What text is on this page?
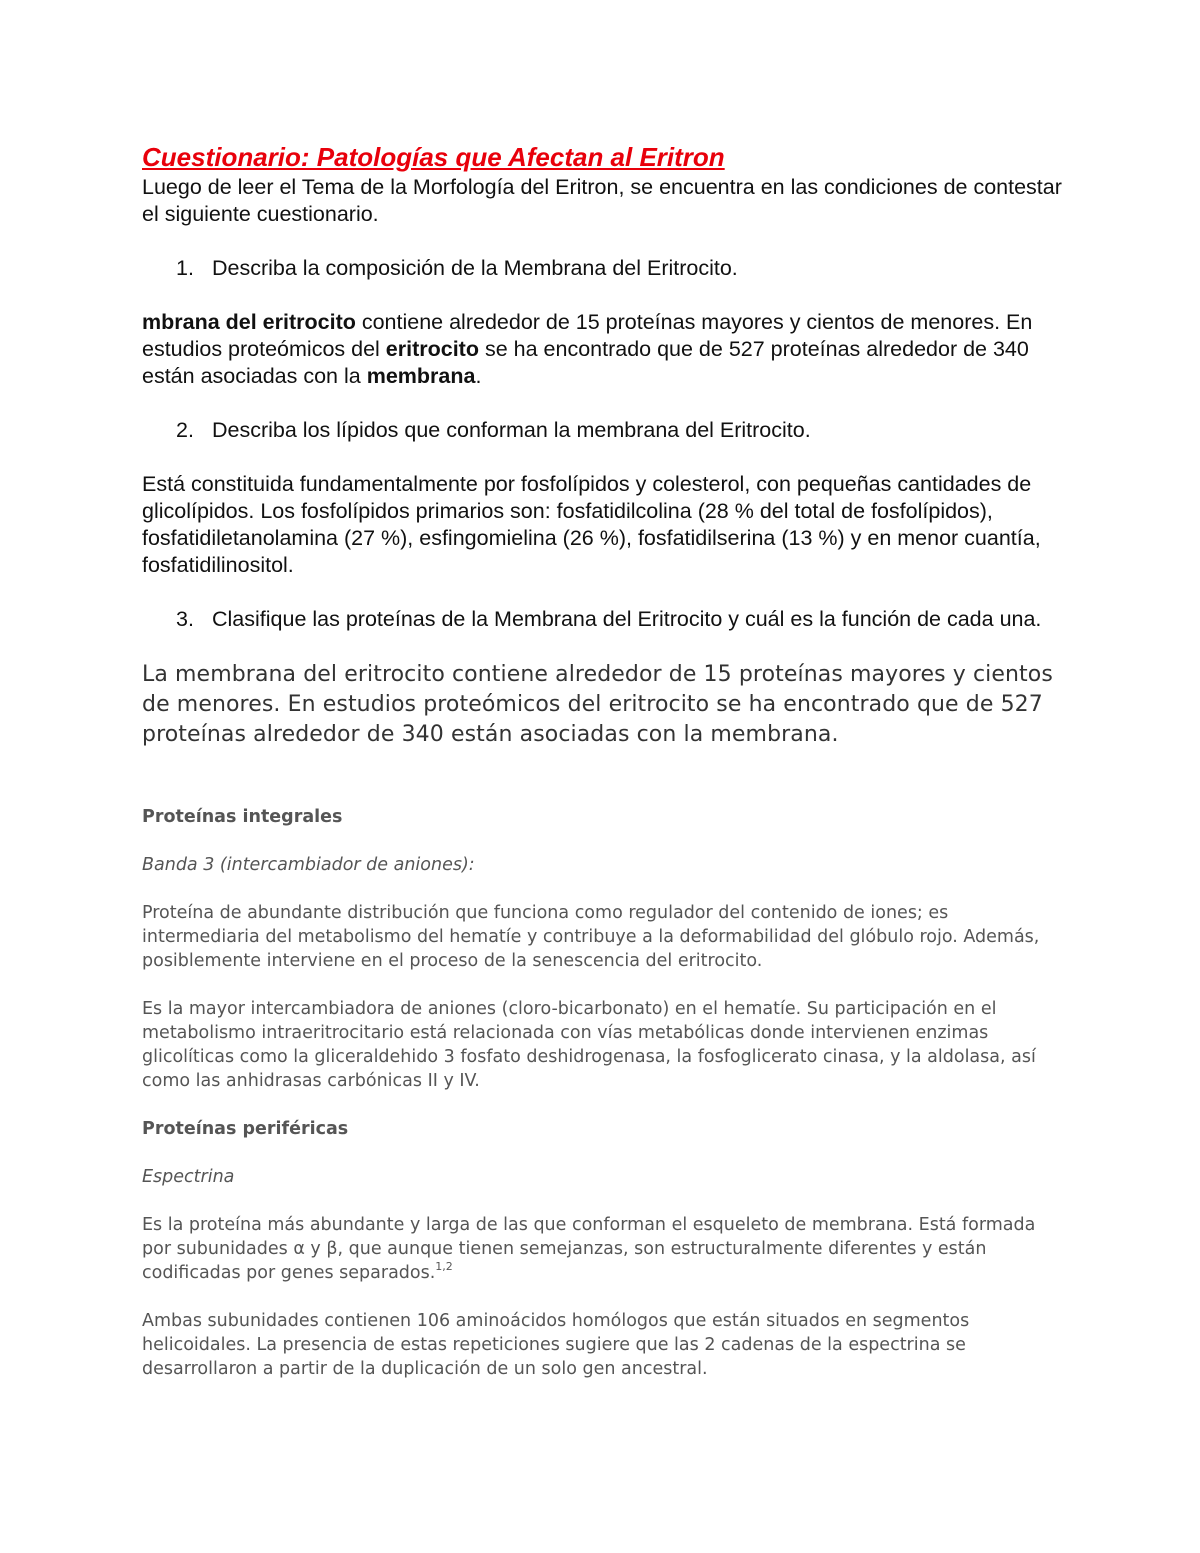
Cuestionario: Patologías que Afectan al Eritron

Luego de leer el Tema de la Morfología del Eritron, se encuentra en las condiciones de contestar el siguiente cuestionario.

1. Describa la composición de la Membrana del Eritrocito.

mbrana del eritrocito contiene alrededor de 15 proteínas mayores y cientos de menores. En estudios proteómicos del eritrocito se ha encontrado que de 527 proteínas alrededor de 340 están asociadas con la membrana.

2. Describa los lípidos que conforman la membrana del Eritrocito.

Está constituida fundamentalmente por fosfolípidos y colesterol, con pequeñas cantidades de glicolípidos. Los fosfolípidos primarios son: fosfatidilcolina (28 % del total de fosfolípidos), fosfatidiletanolamina (27 %), esfingomielina (26 %), fosfatidilserina (13 %) y en menor cuantía, fosfatidilinositol.

3. Clasifique las proteínas de la Membrana del Eritrocito y cuál es la función de cada una.

La membrana del eritrocito contiene alrededor de 15 proteínas mayores y cientos de menores. En estudios proteómicos del eritrocito se ha encontrado que de 527 proteínas alrededor de 340 están asociadas con la membrana.

Proteínas integrales

Banda 3 (intercambiador de aniones):

Proteína de abundante distribución que funciona como regulador del contenido de iones; es intermediaria del metabolismo del hematíe y contribuye a la deformabilidad del glóbulo rojo. Además, posiblemente interviene en el proceso de la senescencia del eritrocito.

Es la mayor intercambiadora de aniones (cloro-bicarbonato) en el hematíe. Su participación en el metabolismo intraeritrocitario está relacionada con vías metabólicas donde intervienen enzimas glicolíticas como la gliceraldehido 3 fosfato deshidrogenasa, la fosfoglicerato cinasa, y la aldolasa, así como las anhidrasas carbónicas II y IV.

Proteínas periféricas

Espectrina

Es la proteína más abundante y larga de las que conforman el esqueleto de membrana. Está formada por subunidades α y β, que aunque tienen semejanzas, son estructuralmente diferentes y están codificadas por genes separados.$^{1,2}$

Ambas subunidades contienen 106 aminoácidos homólogos que están situados en segmentos helicoidales. La presencia de estas repeticiones sugiere que las 2 cadenas de la espectrina se desarrollaron a partir de la duplicación de un solo gen ancestral.
